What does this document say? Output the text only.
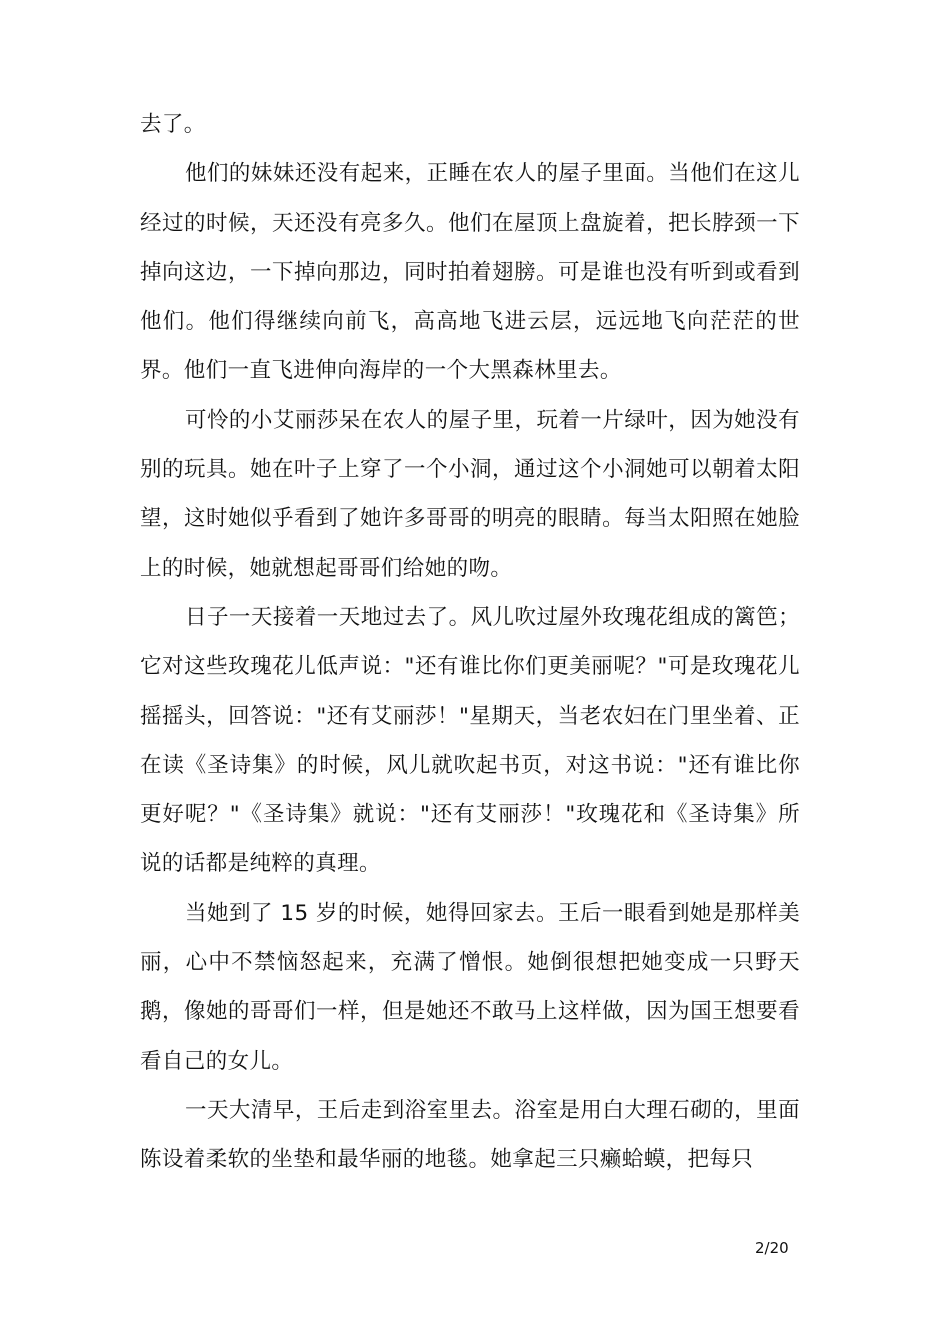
去了。

他们的妹妹还没有起来，正睡在农人的屋子里面。当他们在这儿经过的时候，天还没有亮多久。他们在屋顶上盘旋着，把长脖颈一下掉向这边，一下掉向那边，同时拍着翅膀。可是谁也没有听到或看到他们。他们得继续向前飞，高高地飞进云层，远远地飞向茫茫的世界。他们一直飞进伸向海岸的一个大黑森林里去。

可怜的小艾丽莎呆在农人的屋子里，玩着一片绿叶，因为她没有别的玩具。她在叶子上穿了一个小洞，通过这个小洞她可以朝着太阳望，这时她似乎看到了她许多哥哥的明亮的眼睛。每当太阳照在她脸上的时候，她就想起哥哥们给她的吻。

日子一天接着一天地过去了。风儿吹过屋外玫瑰花组成的篱笆；它对这些玫瑰花儿低声说："还有谁比你们更美丽呢？"可是玫瑰花儿摇摇头，回答说："还有艾丽莎！"星期天，当老农妇在门里坐着、正在读《圣诗集》的时候，风儿就吹起书页，对这书说："还有谁比你更好呢？"《圣诗集》就说："还有艾丽莎！"玫瑰花和《圣诗集》所说的话都是纯粹的真理。

当她到了 15 岁的时候，她得回家去。王后一眼看到她是那样美丽，心中不禁恼怒起来，充满了憎恨。她倒很想把她变成一只野天鹅，像她的哥哥们一样，但是她还不敢马上这样做，因为国王想要看看自己的女儿。

一天大清早，王后走到浴室里去。浴室是用白大理石砌的，里面陈设着柔软的坐垫和最华丽的地毯。她拿起三只癞蛤蟆，把每只

2/20
